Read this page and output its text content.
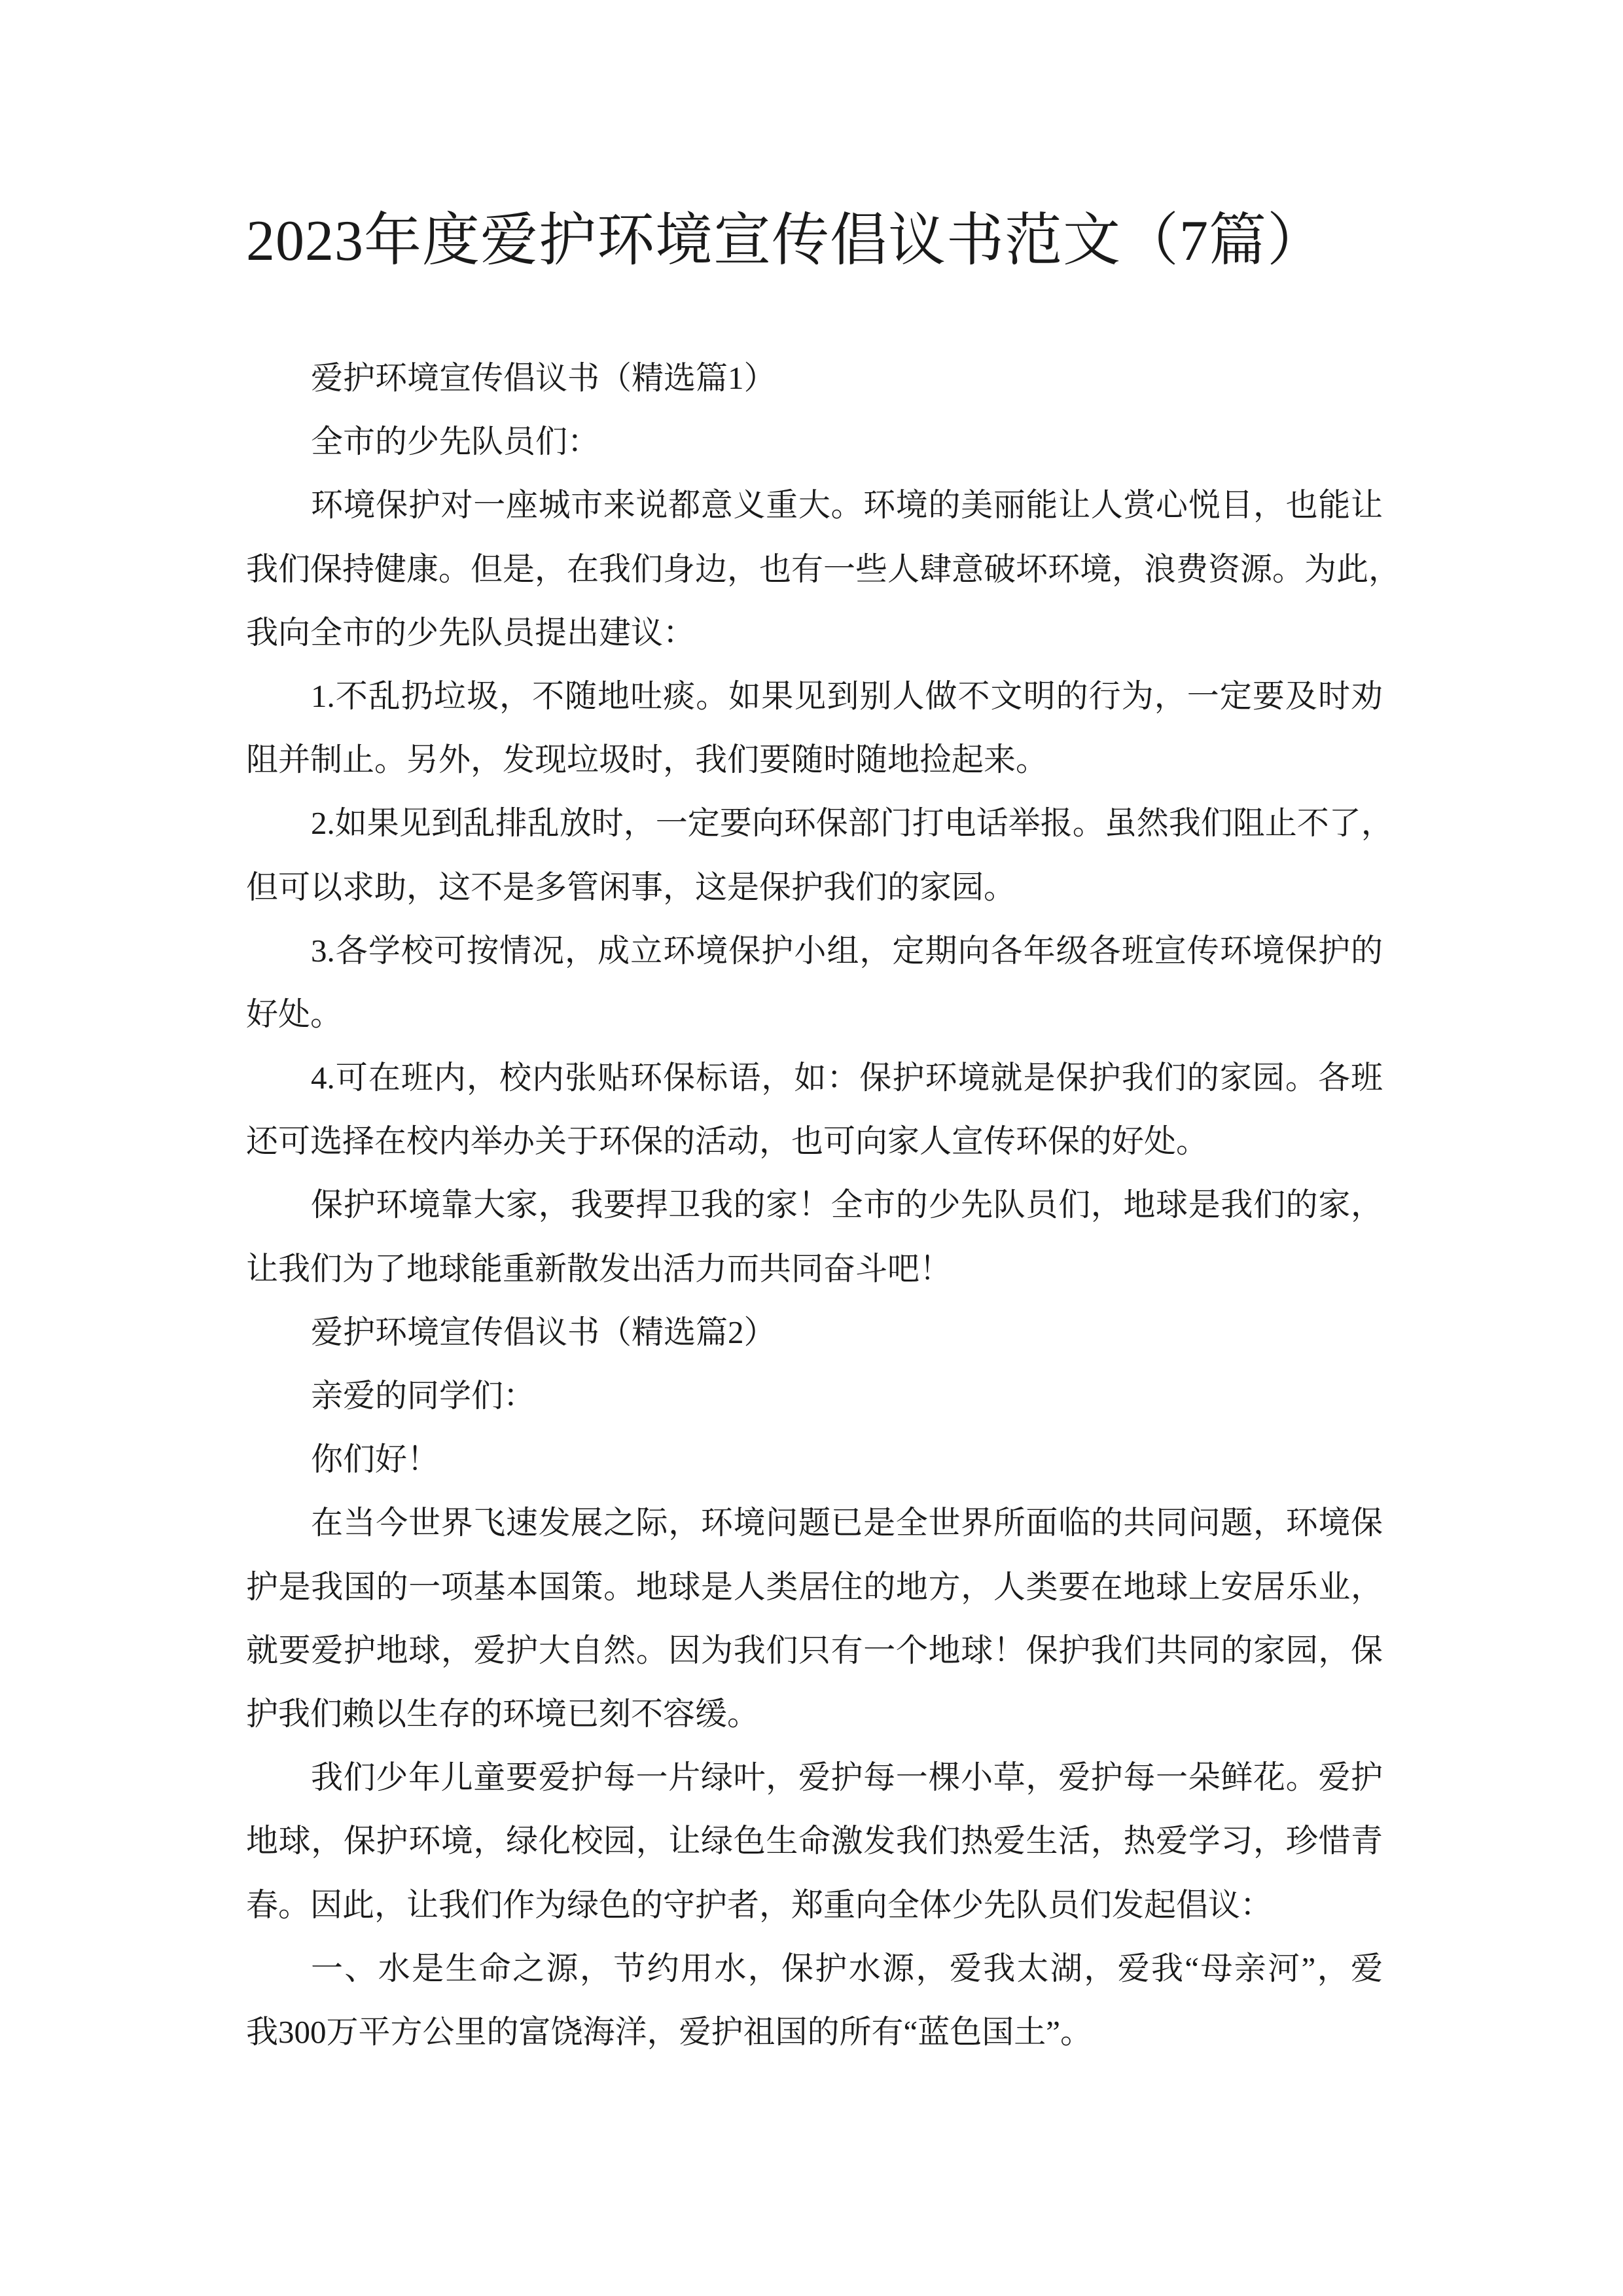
2023年度爱护环境宣传倡议书范文（7篇）
爱护环境宣传倡议书（精选篇1）
全市的少先队员们：
环境保护对一座城市来说都意义重大。环境的美丽能让人赏心悦目，也能让
我们保持健康。但是，在我们身边，也有一些人肆意破坏环境，浪费资源。为此，
我向全市的少先队员提出建议：
1.不乱扔垃圾，不随地吐痰。如果见到别人做不文明的行为，一定要及时劝
阻并制止。另外，发现垃圾时，我们要随时随地捡起来。
2.如果见到乱排乱放时，一定要向环保部门打电话举报。虽然我们阻止不了，
但可以求助，这不是多管闲事，这是保护我们的家园。
3.各学校可按情况，成立环境保护小组，定期向各年级各班宣传环境保护的
好处。
4.可在班内，校内张贴环保标语，如：保护环境就是保护我们的家园。各班
还可选择在校内举办关于环保的活动，也可向家人宣传环保的好处。
保护环境靠大家，我要捍卫我的家！全市的少先队员们，地球是我们的家，
让我们为了地球能重新散发出活力而共同奋斗吧！
爱护环境宣传倡议书（精选篇2）
亲爱的同学们：
你们好！
在当今世界飞速发展之际，环境问题已是全世界所面临的共同问题，环境保
护是我国的一项基本国策。地球是人类居住的地方，人类要在地球上安居乐业，
就要爱护地球，爱护大自然。因为我们只有一个地球！保护我们共同的家园，保
护我们赖以生存的环境已刻不容缓。
我们少年儿童要爱护每一片绿叶，爱护每一棵小草，爱护每一朵鲜花。爱护
地球，保护环境，绿化校园，让绿色生命激发我们热爱生活，热爱学习，珍惜青
春。因此，让我们作为绿色的守护者，郑重向全体少先队员们发起倡议：
一、水是生命之源，节约用水，保护水源，爱我太湖，爱我“母亲河”，爱
我300万平方公里的富饶海洋，爱护祖国的所有“蓝色国土”。
